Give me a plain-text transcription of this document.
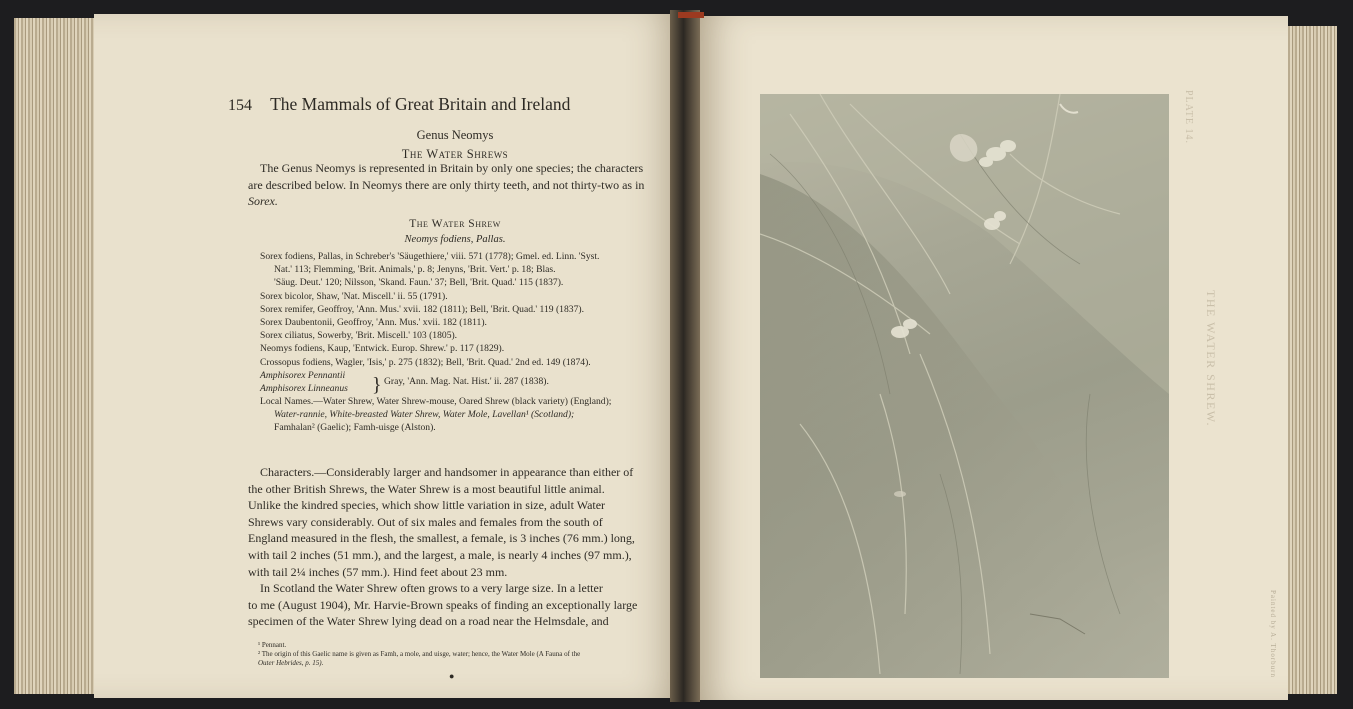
154 The Mammals of Great Britain and Ireland
Genus Neomys
The Water Shrews
The Genus Neomys is represented in Britain by only one species; the characters
are described below. In Neomys there are only thirty teeth, and not thirty-two as in
Sorex.
The Water Shrew
Neomys fodiens, Pallas.
Sorex fodiens, Pallas, in Schreber's 'Säugethiere,' viii. 571 (1778); Gmel. ed. Linn. 'Syst.
Nat.' 113; Flemming, 'Brit. Animals,' p. 8; Jenyns, 'Brit. Vert.' p. 18; Blas.
'Säug. Deut.' 120; Nilsson, 'Skand. Faun.' 37; Bell, 'Brit. Quad.' 115 (1837).
Sorex bicolor, Shaw, 'Nat. Miscell.' ii. 55 (1791).
Sorex remifer, Geoffroy, 'Ann. Mus.' xvii. 182 (1811); Bell, 'Brit. Quad.' 119 (1837).
Sorex Daubentonii, Geoffroy, 'Ann. Mus.' xvii. 182 (1811).
Sorex ciliatus, Sowerby, 'Brit. Miscell.' 103 (1805).
Neomys fodiens, Kaup, 'Entwick. Europ. Shrew.' p. 117 (1829).
Crossopus fodiens, Wagler, 'Isis,' p. 275 (1832); Bell, 'Brit. Quad.' 2nd ed. 149 (1874).
Amphisorex Pennantii
Amphisorex Linneanus } Gray, 'Ann. Mag. Nat. Hist.' ii. 287 (1838).
Local Names.—Water Shrew, Water Shrew-mouse, Oared Shrew (black variety) (England);
Water-rannie, White-breasted Water Shrew, Water Mole, Lavellan¹ (Scotland);
Famhalan² (Gaelic); Famh-uisge (Alston).
Characters.—Considerably larger and handsomer in appearance than either of
the other British Shrews, the Water Shrew is a most beautiful little animal.
Unlike the kindred species, which show little variation in size, adult Water
Shrews vary considerably. Out of six males and females from the south of
England measured in the flesh, the smallest, a female, is 3 inches (76 mm.) long,
with tail 2 inches (51 mm.), and the largest, a male, is nearly 4 inches (97 mm.),
with tail 2¼ inches (57 mm.). Hind feet about 23 mm.
In Scotland the Water Shrew often grows to a very large size. In a letter
to me (August 1904), Mr. Harvie-Brown speaks of finding an exceptionally large
specimen of the Water Shrew lying dead on a road near the Helmsdale, and
¹ Pennant.
² The origin of this Gaelic name is given as Famh, a mole, and uisge, water; hence, the Water Mole (A Fauna of the
Outer Hebrides, p. 15).
●
PLATE 14.
THE WATER SHREW.
Painted by A. Thorburn
